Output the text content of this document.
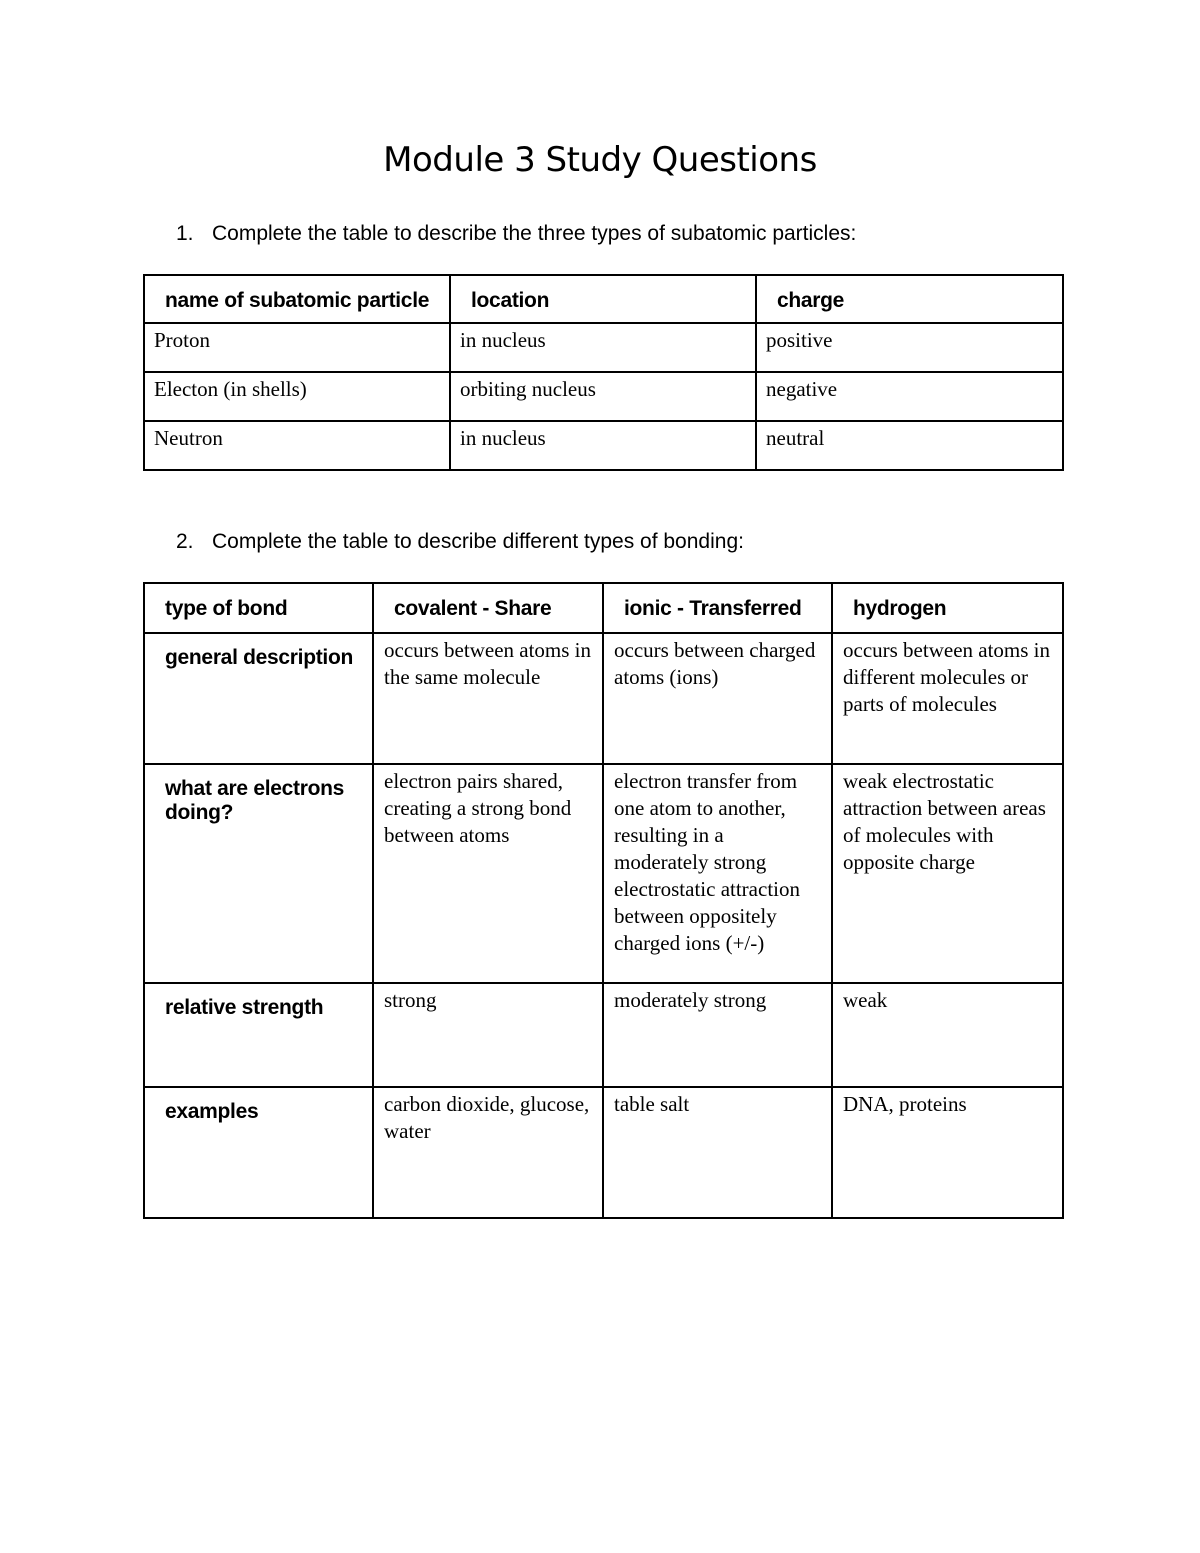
Module 3 Study Questions
1. Complete the table to describe the three types of subatomic particles:
name of subatomic particle	location	charge
Proton	in nucleus	positive
Electon (in shells)	orbiting nucleus	negative
Neutron	in nucleus	neutral
2. Complete the table to describe different types of bonding:
type of bond	covalent - Share	ionic - Transferred	hydrogen
general description	occurs between atoms in the same molecule	occurs between charged atoms (ions)	occurs between atoms in different molecules or parts of molecules
what are electrons doing?	electron pairs shared, creating a strong bond between atoms	electron transfer from one atom to another, resulting in a moderately strong electrostatic attraction between oppositely charged ions (+/-)	weak electrostatic attraction between areas of molecules with opposite charge
relative strength	strong	moderately strong	weak
examples	carbon dioxide, glucose, water	table salt	DNA, proteins
